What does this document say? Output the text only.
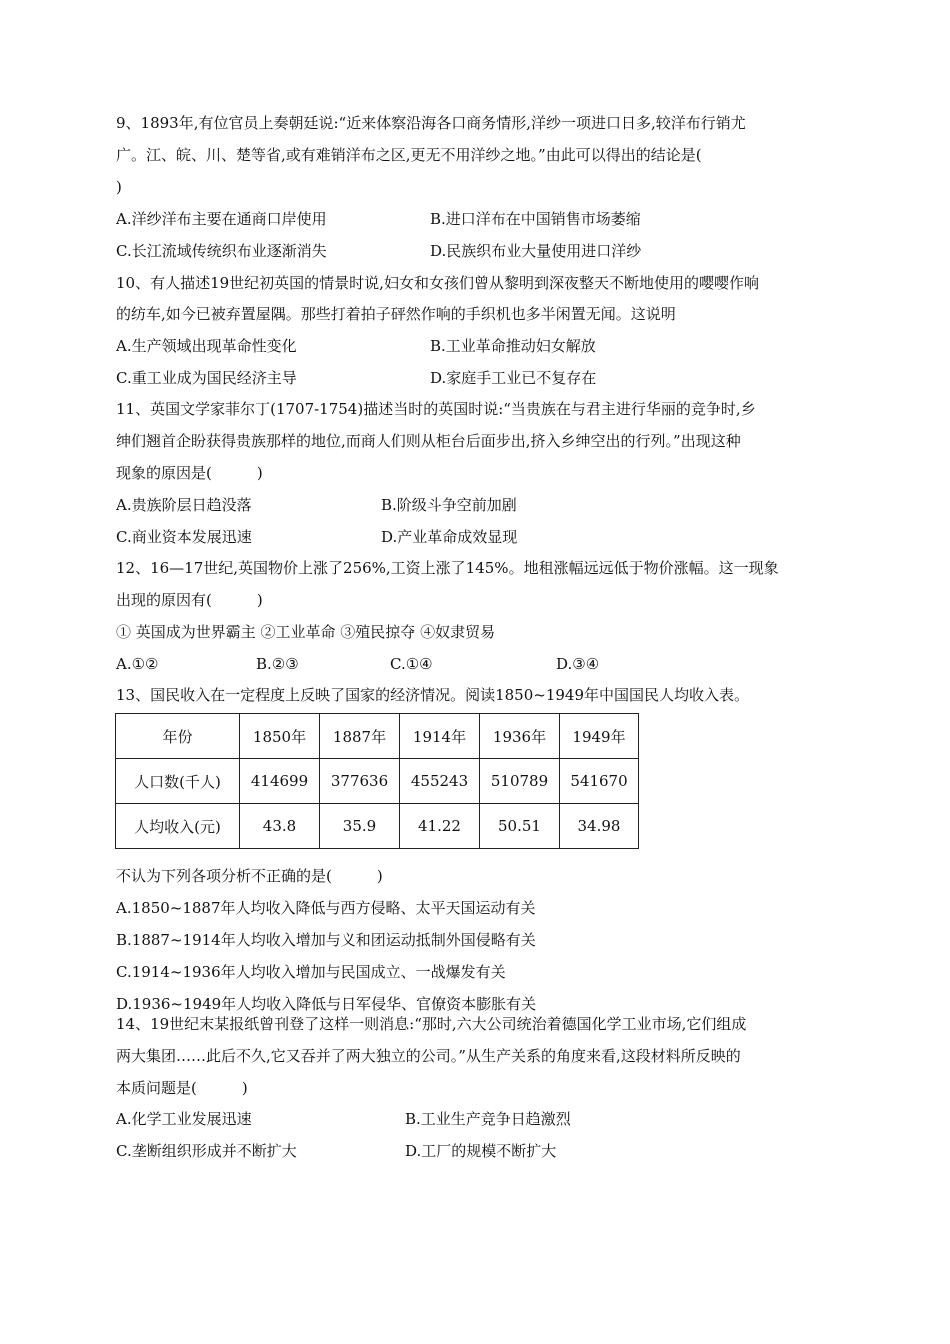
9、1893年,有位官员上奏朝廷说:“近来体察沿海各口商务情形,洋纱一项进口日多,较洋布行销尤
广。江、皖、川、楚等省,或有难销洋布之区,更无不用洋纱之地。”由此可以得出的结论是(
)
A.洋纱洋布主要在通商口岸使用	B.进口洋布在中国销售市场萎缩
C.长江流域传统织布业逐渐消失	D.民族织布业大量使用进口洋纱
10、有人描述19世纪初英国的情景时说,妇女和女孩们曾从黎明到深夜整天不断地使用的嘤嘤作响
的纺车,如今已被弃置屋隅。那些打着拍子砰然作响的手织机也多半闲置无闻。这说明
A.生产领域出现革命性变化	B.工业革命推动妇女解放
C.重工业成为国民经济主导	D.家庭手工业已不复存在
11、英国文学家菲尔丁(1707-1754)描述当时的英国时说:“当贵族在与君主进行华丽的竞争时,乡
绅们翘首企盼获得贵族那样的地位,而商人们则从柜台后面步出,挤入乡绅空出的行列。”出现这种
现象的原因是(　　　)
A.贵族阶层日趋没落	B.阶级斗争空前加剧
C.商业资本发展迅速	D.产业革命成效显现
12、16—17世纪,英国物价上涨了256%,工资上涨了145%。地租涨幅远远低于物价涨幅。这一现象
出现的原因有(　　　)
① 英国成为世界霸主 ②工业革命 ③殖民掠夺 ④奴隶贸易
A.①②	B.②③	C.①④	D.③④
13、国民收入在一定程度上反映了国家的经济情况。阅读1850~1949年中国国民人均收入表。
年份	1850年	1887年	1914年	1936年	1949年
人口数(千人)	414699	377636	455243	510789	541670
人均收入(元)	43.8	35.9	41.22	50.51	34.98
不认为下列各项分析不正确的是(　　　)
A.1850~1887年人均收入降低与西方侵略、太平天国运动有关
B.1887~1914年人均收入增加与义和团运动抵制外国侵略有关
C.1914~1936年人均收入增加与民国成立、一战爆发有关
D.1936~1949年人均收入降低与日军侵华、官僚资本膨胀有关
14、19世纪末某报纸曾刊登了这样一则消息:“那时,六大公司统治着德国化学工业市场,它们组成
两大集团……此后不久,它又吞并了两大独立的公司。”从生产关系的角度来看,这段材料所反映的
本质问题是(　　　)
A.化学工业发展迅速	B.工业生产竞争日趋激烈
C.垄断组织形成并不断扩大	D.工厂的规模不断扩大
